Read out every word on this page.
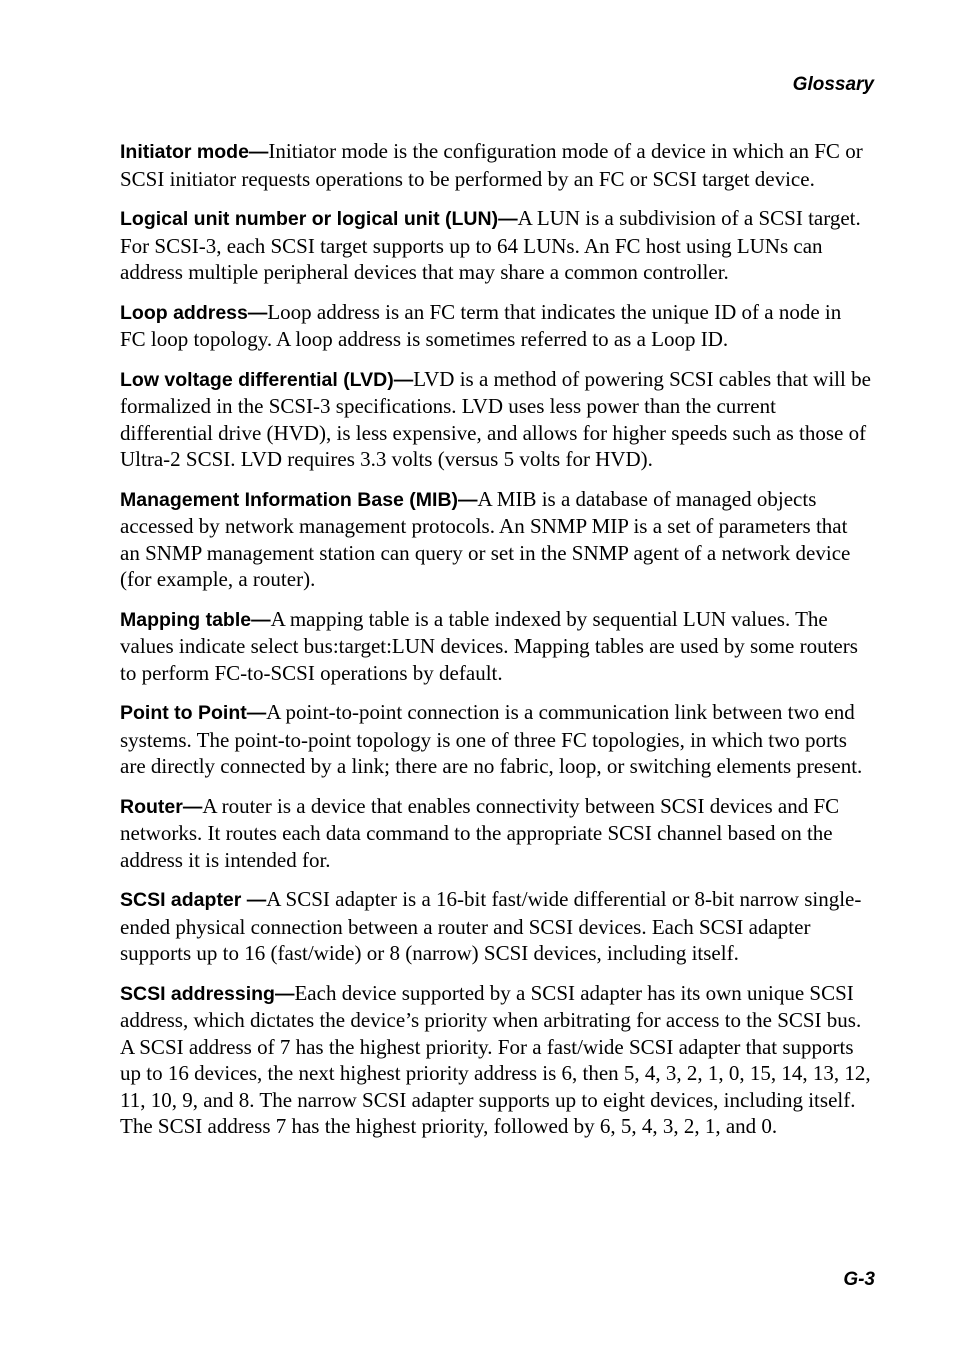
Glossary

Initiator mode—Initiator mode is the configuration mode of a device in which an FC or SCSI initiator requests operations to be performed by an FC or SCSI target device.

Logical unit number or logical unit (LUN)—A LUN is a subdivision of a SCSI target. For SCSI-3, each SCSI target supports up to 64 LUNs. An FC host using LUNs can address multiple peripheral devices that may share a common controller.

Loop address—Loop address is an FC term that indicates the unique ID of a node in FC loop topology. A loop address is sometimes referred to as a Loop ID.

Low voltage differential (LVD)—LVD is a method of powering SCSI cables that will be formalized in the SCSI-3 specifications. LVD uses less power than the current differential drive (HVD), is less expensive, and allows for higher speeds such as those of Ultra-2 SCSI. LVD requires 3.3 volts (versus 5 volts for HVD).

Management Information Base (MIB)—A MIB is a database of managed objects accessed by network management protocols. An SNMP MIP is a set of parameters that an SNMP management station can query or set in the SNMP agent of a network device (for example, a router).

Mapping table—A mapping table is a table indexed by sequential LUN values. The values indicate select bus:target:LUN devices. Mapping tables are used by some routers to perform FC-to-SCSI operations by default.

Point to Point—A point-to-point connection is a communication link between two end systems. The point-to-point topology is one of three FC topologies, in which two ports are directly connected by a link; there are no fabric, loop, or switching elements present.

Router—A router is a device that enables connectivity between SCSI devices and FC networks. It routes each data command to the appropriate SCSI channel based on the address it is intended for.

SCSI adapter —A SCSI adapter is a 16-bit fast/wide differential or 8-bit narrow single-ended physical connection between a router and SCSI devices. Each SCSI adapter supports up to 16 (fast/wide) or 8 (narrow) SCSI devices, including itself.

SCSI addressing—Each device supported by a SCSI adapter has its own unique SCSI address, which dictates the device’s priority when arbitrating for access to the SCSI bus. A SCSI address of 7 has the highest priority. For a fast/wide SCSI adapter that supports up to 16 devices, the next highest priority address is 6, then 5, 4, 3, 2, 1, 0, 15, 14, 13, 12, 11, 10, 9, and 8. The narrow SCSI adapter supports up to eight devices, including itself. The SCSI address 7 has the highest priority, followed by 6, 5, 4, 3, 2, 1, and 0.

G-3
